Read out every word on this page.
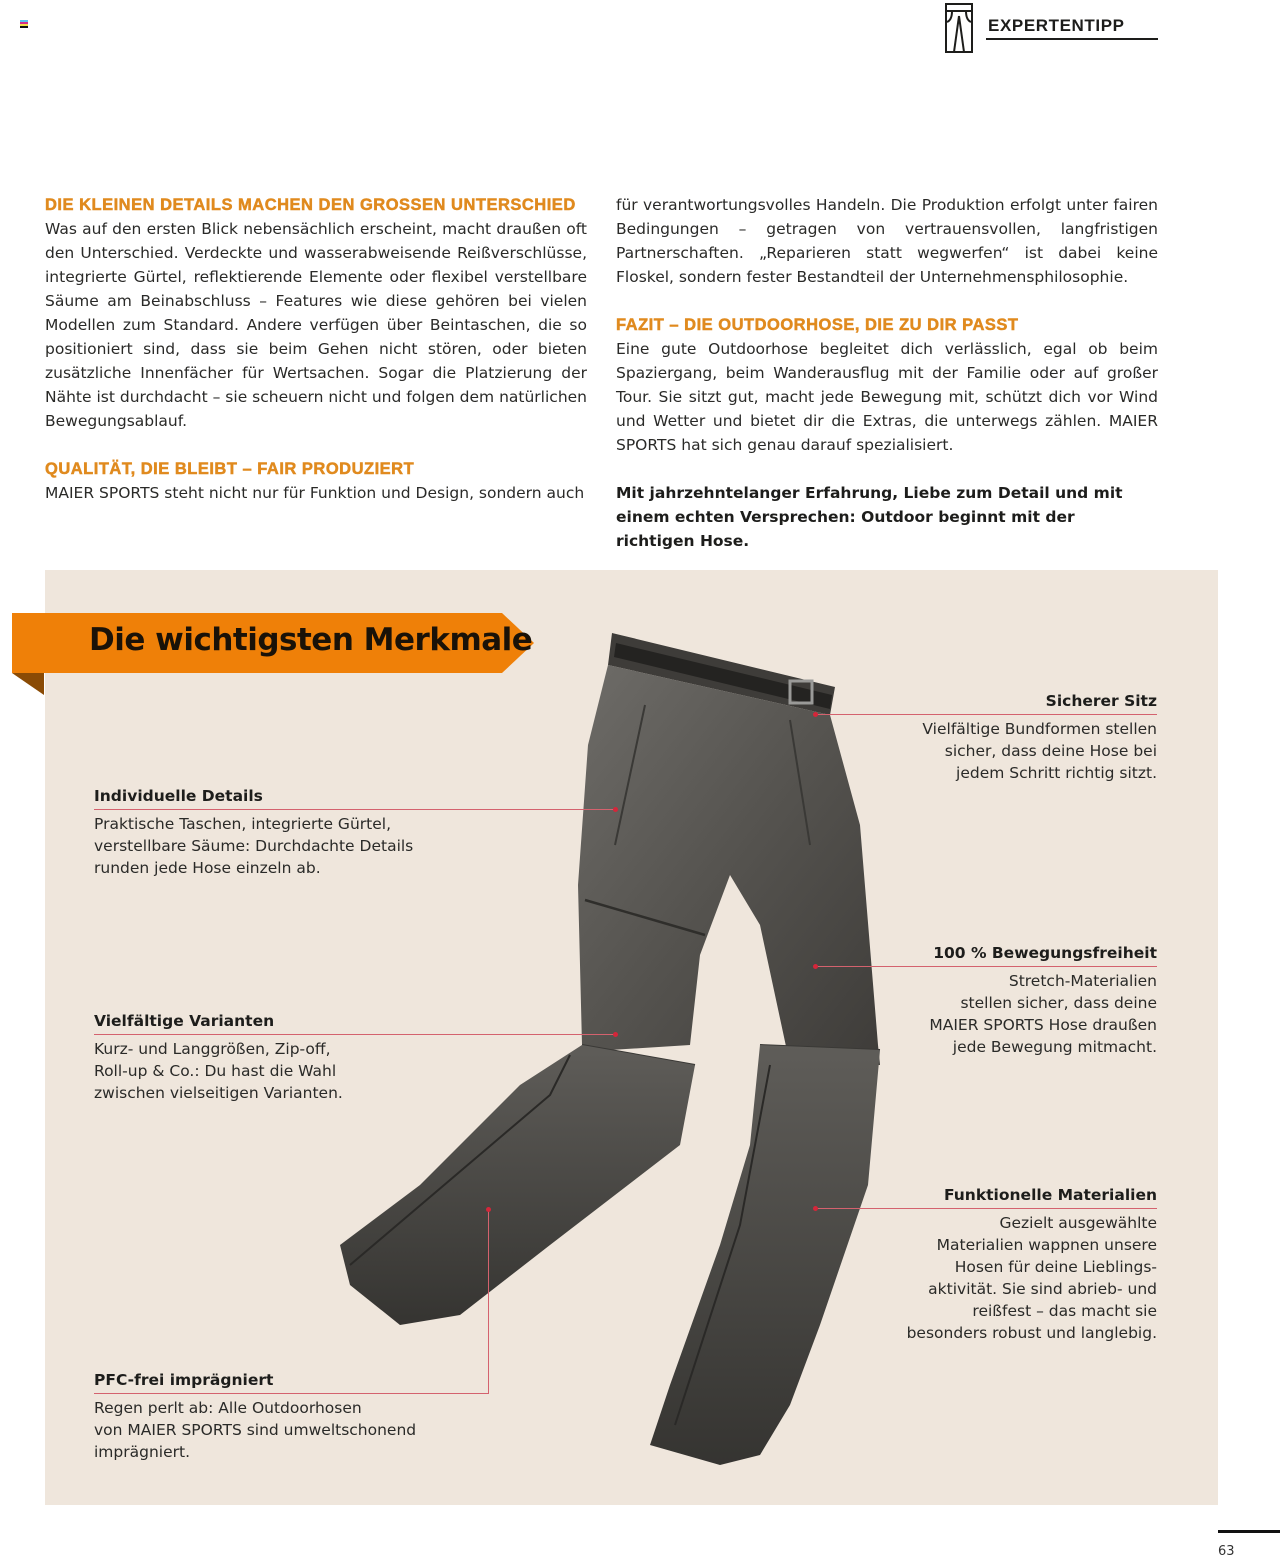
EXPERTENTIPP
DIE KLEINEN DETAILS MACHEN DEN GROSSEN UNTERSCHIED

Was auf den ersten Blick nebensächlich erscheint, macht draußen oft den Unterschied. Verdeckte und wasserabweisende Reißverschlüsse, integrierte Gürtel, reflektierende Elemente oder flexibel verstellbare Säume am Beinabschluss – Features wie diese gehören bei vielen Modellen zum Standard. Andere verfügen über Beintaschen, die so positioniert sind, dass sie beim Gehen nicht stören, oder bieten zusätzliche Innenfächer für Wertsachen. Sogar die Platzierung der Nähte ist durchdacht – sie scheuern nicht und folgen dem natürlichen Bewegungsablauf.

QUALITÄT, DIE BLEIBT – FAIR PRODUZIERT

MAIER SPORTS steht nicht nur für Funktion und Design, sondern auch

für verantwortungsvolles Handeln. Die Produktion erfolgt unter fairen Bedingungen – getragen von vertrauensvollen, langfristigen Partnerschaften. „Reparieren statt wegwerfen“ ist dabei keine Floskel, sondern fester Bestandteil der Unternehmensphilosophie.

FAZIT – DIE OUTDOORHOSE, DIE ZU DIR PASST

Eine gute Outdoorhose begleitet dich verlässlich, egal ob beim Spaziergang, beim Wanderausflug mit der Familie oder auf großer Tour. Sie sitzt gut, macht jede Bewegung mit, schützt dich vor Wind und Wetter und bietet dir die Extras, die unterwegs zählen. MAIER SPORTS hat sich genau darauf spezialisiert.

Mit jahrzehntelanger Erfahrung, Liebe zum Detail und mit einem echten Versprechen: Outdoor beginnt mit der richtigen Hose.

Die wichtigsten Merkmale
Sicherer Sitz
Vielfältige Bundformen stellen
sicher, dass deine Hose bei
jedem Schritt richtig sitzt.
Individuelle Details
Praktische Taschen, integrierte Gürtel,
verstellbare Säume: Durchdachte Details
runden jede Hose einzeln ab.
100 % Bewegungsfreiheit
Stretch-Materialien
stellen sicher, dass deine
MAIER SPORTS Hose draußen
jede Bewegung mitmacht.
Vielfältige Varianten
Kurz- und Langgrößen, Zip-off,
Roll-up & Co.: Du hast die Wahl
zwischen vielseitigen Varianten.
Funktionelle Materialien
Gezielt ausgewählte
Materialien wappnen unsere
Hosen für deine Lieblings-
aktivität. Sie sind abrieb- und
reißfest – das macht sie
besonders robust und langlebig.
PFC-frei imprägniert
Regen perlt ab: Alle Outdoorhosen
von MAIER SPORTS sind umweltschonend
imprägniert.
63
